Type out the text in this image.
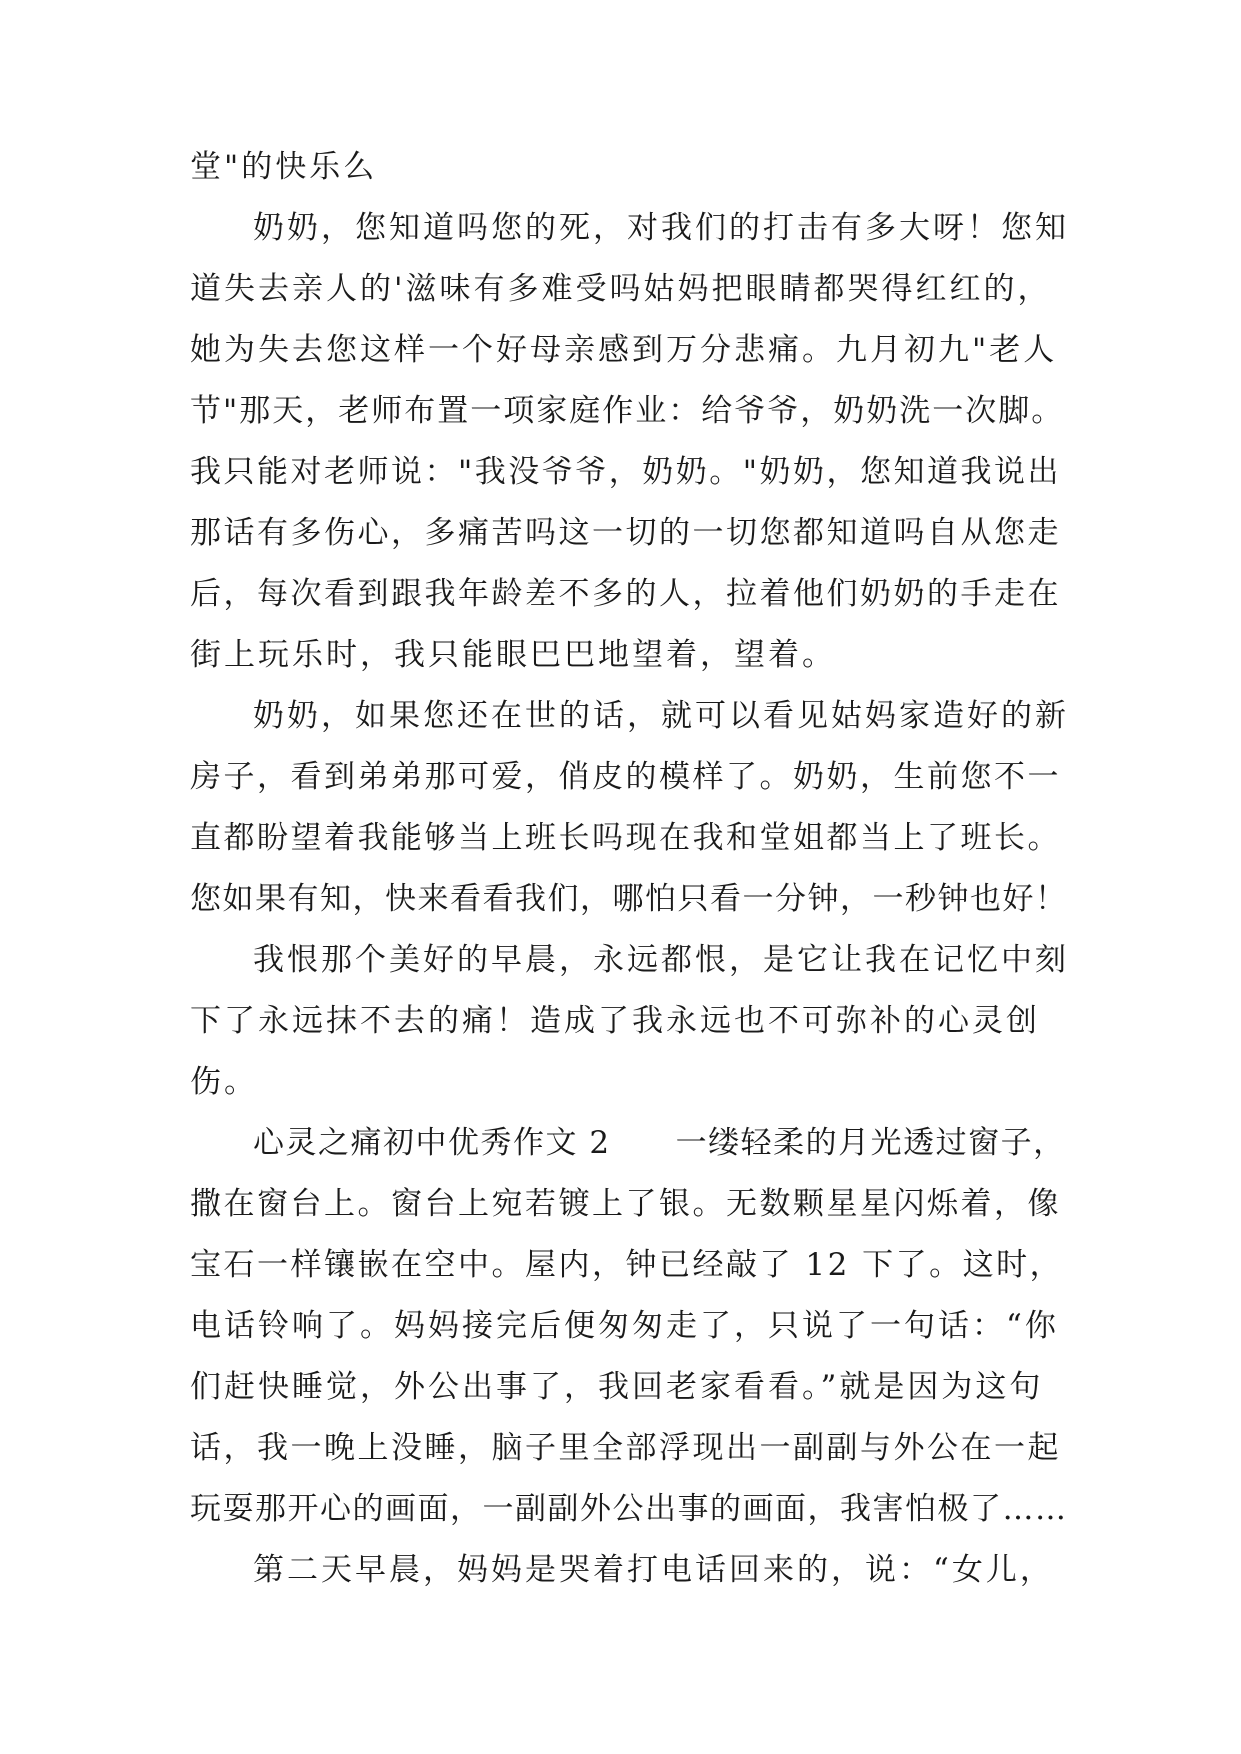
堂"的快乐么
奶奶，您知道吗您的死，对我们的打击有多大呀！您知
道失去亲人的'滋味有多难受吗姑妈把眼睛都哭得红红的，
她为失去您这样一个好母亲感到万分悲痛。九月初九"老人
节"那天，老师布置一项家庭作业：给爷爷，奶奶洗一次脚。
我只能对老师说："我没爷爷，奶奶。"奶奶，您知道我说出
那话有多伤心，多痛苦吗这一切的一切您都知道吗自从您走
后，每次看到跟我年龄差不多的人，拉着他们奶奶的手走在
街上玩乐时，我只能眼巴巴地望着，望着。
奶奶，如果您还在世的话，就可以看见姑妈家造好的新
房子，看到弟弟那可爱，俏皮的模样了。奶奶，生前您不一
直都盼望着我能够当上班长吗现在我和堂姐都当上了班长。
您如果有知，快来看看我们，哪怕只看一分钟，一秒钟也好！
我恨那个美好的早晨，永远都恨，是它让我在记忆中刻
下了永远抹不去的痛！造成了我永远也不可弥补的心灵创
伤。
心灵之痛初中优秀作文 2　　一缕轻柔的月光透过窗子，
撒在窗台上。窗台上宛若镀上了银。无数颗星星闪烁着，像
宝石一样镶嵌在空中。屋内，钟已经敲了 12 下了。这时，
电话铃响了。妈妈接完后便匆匆走了，只说了一句话：“你
们赶快睡觉，外公出事了，我回老家看看。”就是因为这句
话，我一晚上没睡，脑子里全部浮现出一副副与外公在一起
玩耍那开心的画面，一副副外公出事的画面，我害怕极了……
第二天早晨，妈妈是哭着打电话回来的，说：“女儿，
